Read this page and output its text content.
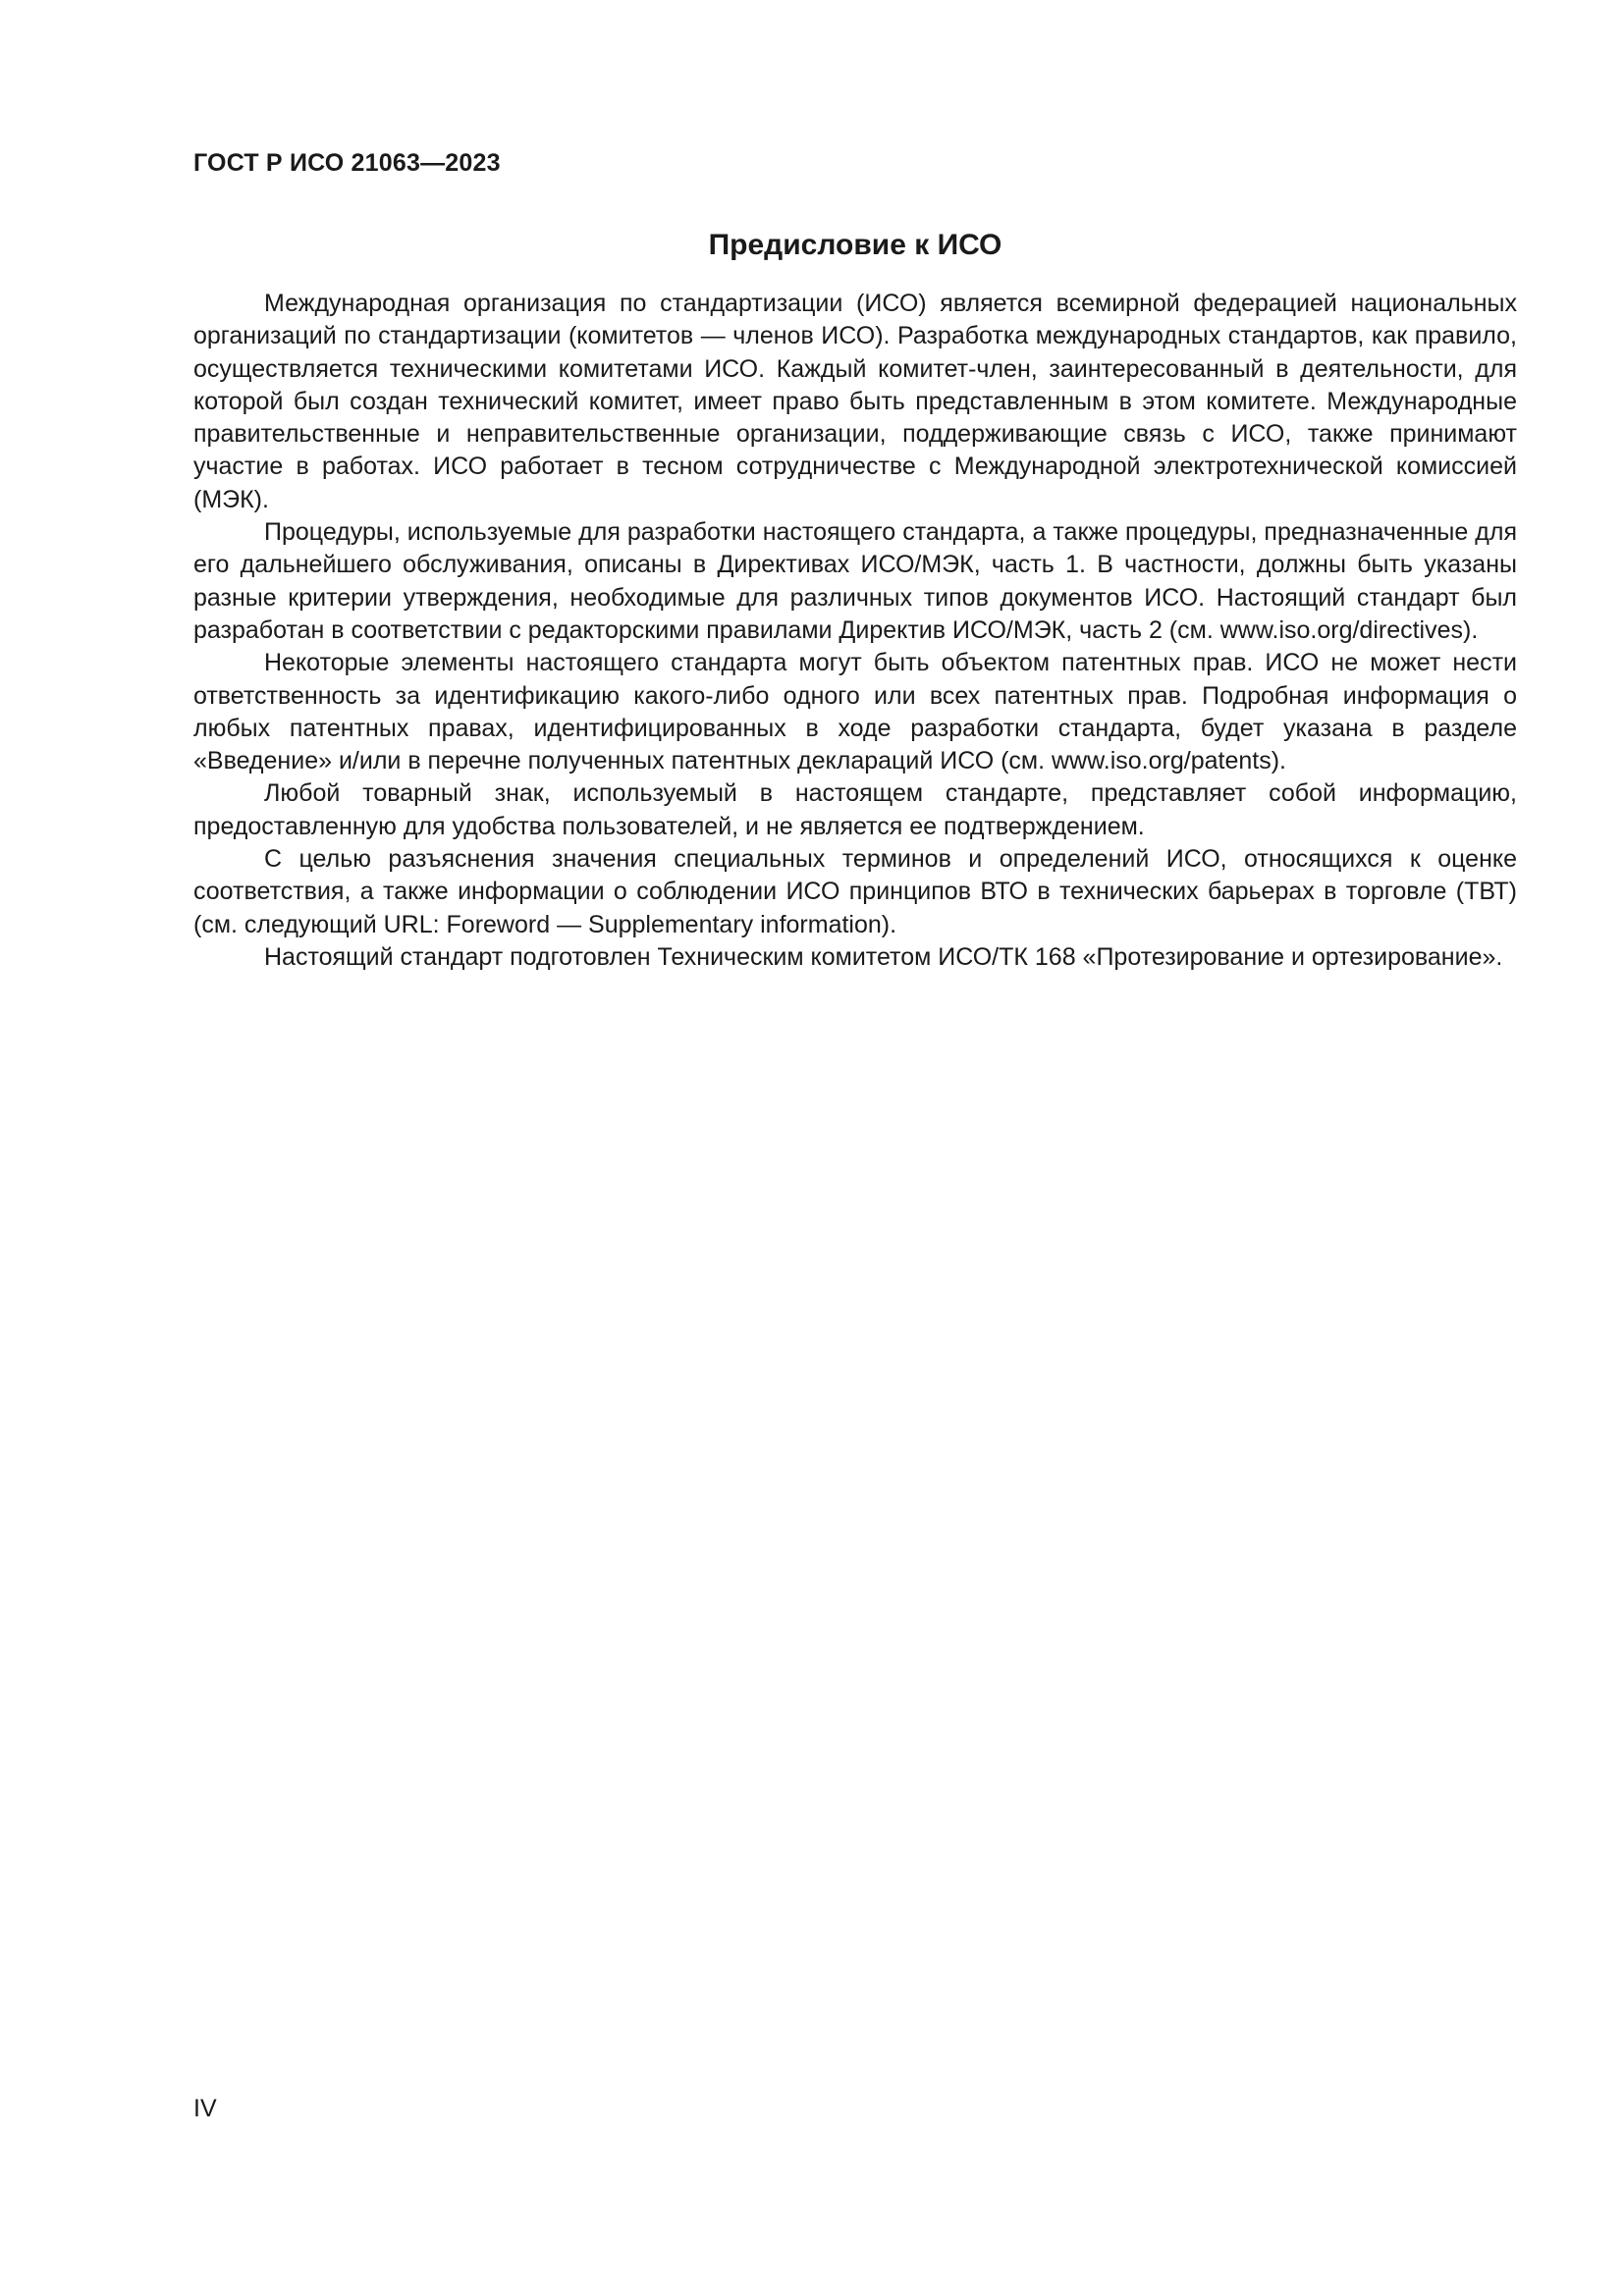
ГОСТ Р ИСО 21063—2023
Предисловие к ИСО

Международная организация по стандартизации (ИСО) является всемирной федерацией национальных организаций по стандартизации (комитетов — членов ИСО). Разработка международных стандартов, как правило, осуществляется техническими комитетами ИСО. Каждый комитет-член, заинтересованный в деятельности, для которой был создан технический комитет, имеет право быть представленным в этом комитете. Международные правительственные и неправительственные организации, поддерживающие связь с ИСО, также принимают участие в работах. ИСО работает в тесном сотрудничестве с Международной электротехнической комиссией (МЭК).

Процедуры, используемые для разработки настоящего стандарта, а также процедуры, предназначенные для его дальнейшего обслуживания, описаны в Директивах ИСО/МЭК, часть 1. В частности, должны быть указаны разные критерии утверждения, необходимые для различных типов документов ИСО. Настоящий стандарт был разработан в соответствии с редакторскими правилами Директив ИСО/МЭК, часть 2 (см. www.iso.org/directives).

Некоторые элементы настоящего стандарта могут быть объектом патентных прав. ИСО не может нести ответственность за идентификацию какого-либо одного или всех патентных прав. Подробная информация о любых патентных правах, идентифицированных в ходе разработки стандарта, будет указана в разделе «Введение» и/или в перечне полученных патентных деклараций ИСО (см. www.iso.org/patents).

Любой товарный знак, используемый в настоящем стандарте, представляет собой информацию, предоставленную для удобства пользователей, и не является ее подтверждением.

С целью разъяснения значения специальных терминов и определений ИСО, относящихся к оценке соответствия, а также информации о соблюдении ИСО принципов ВТО в технических барьерах в торговле (ТВТ) (см. следующий URL: Foreword — Supplementary information).

Настоящий стандарт подготовлен Техническим комитетом ИСО/ТК 168 «Протезирование и ортезирование».

IV
